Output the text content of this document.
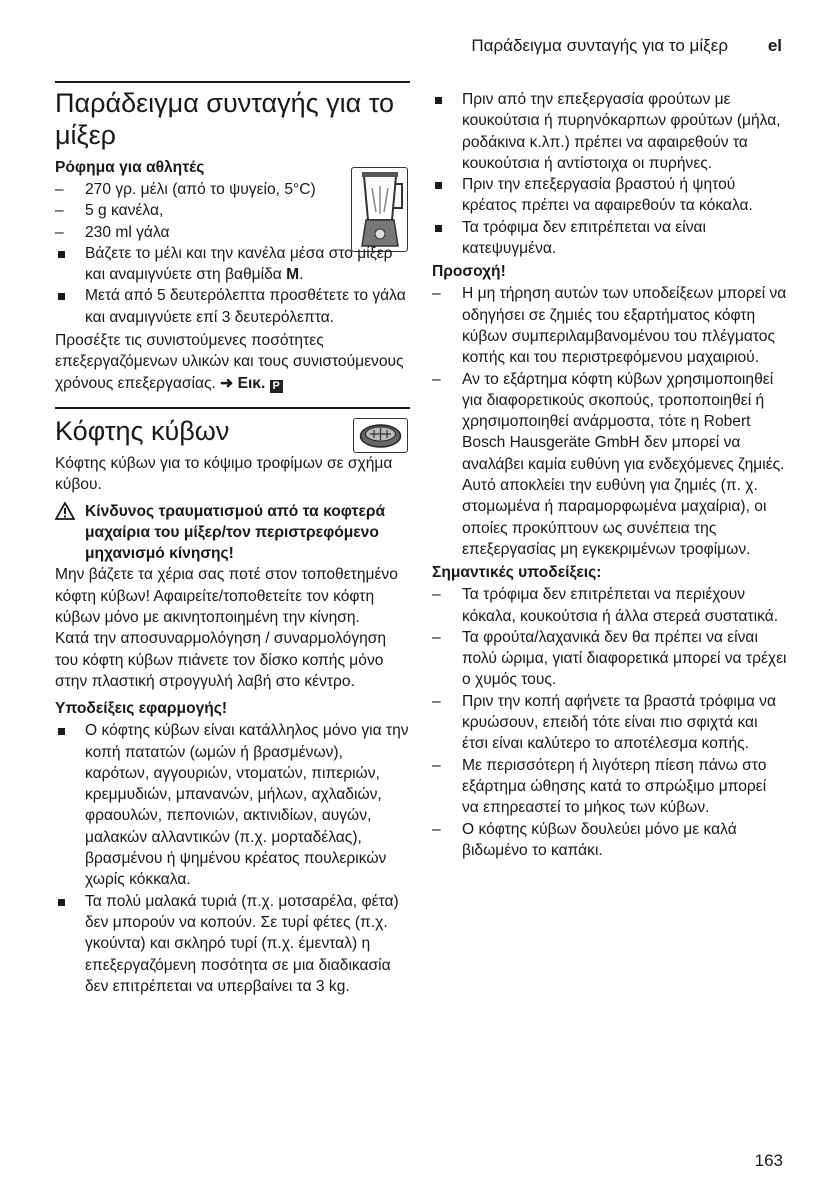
Παράδειγμα συνταγής για το μίξερ el
Παράδειγμα συνταγής για το μίξερ
Ρόφημα για αθλητές
– 270 γρ. μέλι (από το ψυγείο, 5°C)
– 5 g κανέλα,
– 230 ml γάλα
Βάζετε το μέλι και την κανέλα μέσα στο μίξερ και αναμιγνύετε στη βαθμίδα M.
Μετά από 5 δευτερόλεπτα προσθέτετε το γάλα και αναμιγνύετε επί 3 δευτερόλεπτα.

Προσέξτε τις συνιστούμενες ποσότητες επεξεργαζόμενων υλικών και τους συνιστούμενους χρόνους επεξεργασίας. ➜ Εικ. P

Κόφτης κύβων

Κόφτης κύβων για το κόψιμο τροφίμων σε σχήμα κύβου.

Κίνδυνος τραυματισμού από τα κοφτερά μαχαίρια του μίξερ/τον περιστρεφόμενο μηχανισμό κίνησης!

Μην βάζετε τα χέρια σας ποτέ στον τοποθετημένο κόφτη κύβων! Αφαιρείτε/τοποθετείτε τον κόφτη κύβων μόνο με ακινητοποιημένη την κίνηση.

Κατά την αποσυναρμολόγηση / συναρμολόγηση του κόφτη κύβων πιάνετε τον δίσκο κοπής μόνο στην πλαστική στρογγυλή λαβή στο κέντρο.

Υποδείξεις εφαρμογής!
Ο κόφτης κύβων είναι κατάλληλος μόνο για την κοπή πατατών (ωμών ή βρασμένων), καρότων, αγγουριών, ντοματών, πιπεριών, κρεμμυδιών, μπανανών, μήλων, αχλαδιών, φραουλών, πεπονιών, ακτινιδίων, αυγών, μαλακών αλλαντικών (π.χ. μορταδέλας), βρασμένου ή ψημένου κρέατος πουλερικών χωρίς κόκκαλα.
Τα πολύ μαλακά τυριά (π.χ. μοτσαρέλα, φέτα) δεν μπορούν να κοπούν. Σε τυρί φέτες (π.χ. γκούντα) και σκληρό τυρί (π.χ. έμενταλ) η επεξεργαζόμενη ποσότητα σε μια διαδικασία δεν επιτρέπεται να υπερβαίνει τα 3 kg.
Πριν από την επεξεργασία φρούτων με κουκούτσια ή πυρηνόκαρπων φρούτων (μήλα, ροδάκινα κ.λπ.) πρέπει να αφαιρεθούν τα κουκούτσια ή αντίστοιχα οι πυρήνες.
Πριν την επεξεργασία βραστού ή ψητού κρέατος πρέπει να αφαιρεθούν τα κόκαλα.
Τα τρόφιμα δεν επιτρέπεται να είναι κατεψυγμένα.
Προσοχή!
– Η μη τήρηση αυτών των υποδείξεων μπορεί να οδηγήσει σε ζημιές του εξαρτήματος κόφτη κύβων συμπεριλαμβανομένου του πλέγματος κοπής και του περιστρεφόμενου μαχαιριού.
– Αν το εξάρτημα κόφτη κύβων χρησιμοποιηθεί για διαφορετικούς σκοπούς, τροποποιηθεί ή χρησιμοποιηθεί ανάρμοστα, τότε η Robert Bosch Hausgeräte GmbH δεν μπορεί να αναλάβει καμία ευθύνη για ενδεχόμενες ζημιές. Αυτό αποκλείει την ευθύνη για ζημιές (π. χ. στομωμένα ή παραμορφωμένα μαχαίρια), οι οποίες προκύπτουν ως συνέπεια της επεξεργασίας μη εγκεκριμένων τροφίμων.
Σημαντικές υποδείξεις:
– Τα τρόφιμα δεν επιτρέπεται να περιέχουν κόκαλα, κουκούτσια ή άλλα στερεά συστατικά.
– Τα φρούτα/λαχανικά δεν θα πρέπει να είναι πολύ ώριμα, γιατί διαφορετικά μπορεί να τρέχει ο χυμός τους.
– Πριν την κοπή αφήνετε τα βραστά τρόφιμα να κρυώσουν, επειδή τότε είναι πιο σφιχτά και έτσι είναι καλύτερο το αποτέλεσμα κοπής.
– Με περισσότερη ή λιγότερη πίεση πάνω στο εξάρτημα ώθησης κατά το σπρώξιμο μπορεί να επηρεαστεί το μήκος των κύβων.
– Ο κόφτης κύβων δουλεύει μόνο με καλά βιδωμένο το καπάκι.
163
